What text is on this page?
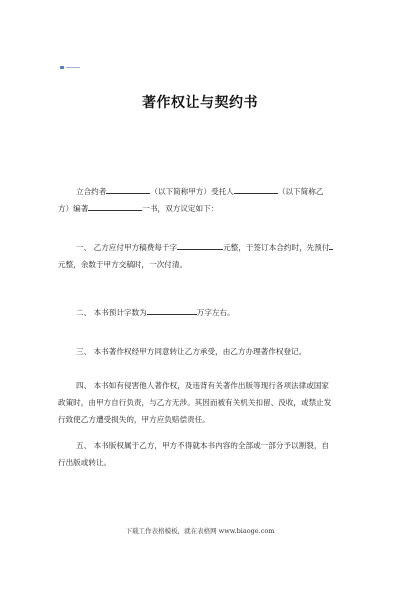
著作权让与契约书
立合约者	（以下简称甲方）受托人	（以下简称乙
方）编著	一书，双方议定如下：
一、 乙方应付甲方稿费每千字	元整，于签订本合约时，先预付
元整，余数于甲方交稿时，一次付清。
二、 本书预计字数为	万字左右。
三、 本书著作权经甲方同意转让乙方承受，由乙方办理著作权登记。
四、 本书如有侵害他人著作权，及违背有关著作出版等现行各项法律或国家
政策时，由甲方自行负责，与乙方无涉。其因而被有关机关扣留、没收，或禁止发
行致使乙方遭受损失的，甲方应负赔偿责任。
五、 本书版权属于乙方，甲方不得就本书内容的全部或一部分予以割裂，自
行出版或转让。
下载工作表格模板，就在表格网 www.biaoge.com
